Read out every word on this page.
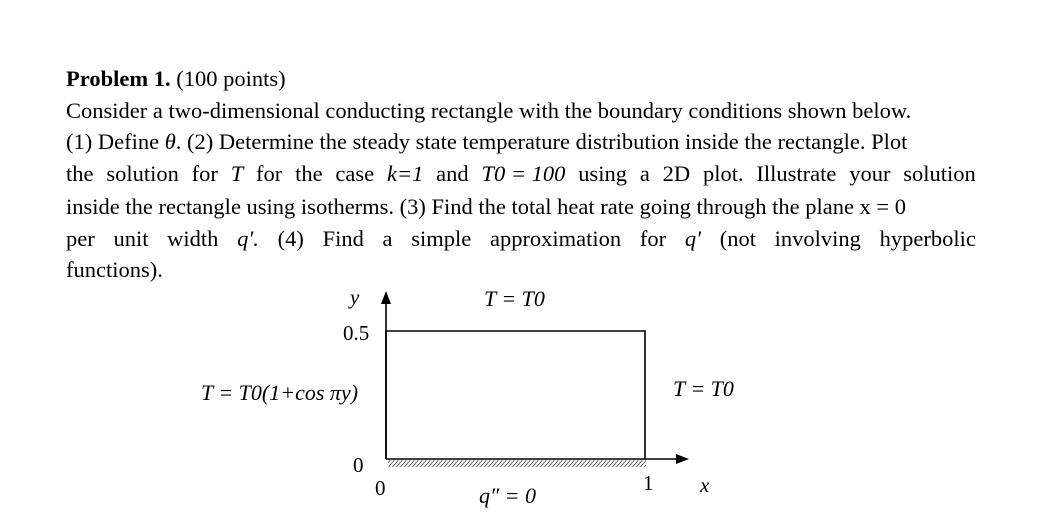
Problem 1. (100 points)
Consider a two-dimensional conducting rectangle with the boundary conditions shown below.
(1) Define θ. (2) Determine the steady state temperature distribution inside the rectangle. Plot
the solution for T for the case k=1 and T0 = 100 using a 2D plot. Illustrate your solution
inside the rectangle using isotherms. (3) Find the total heat rate going through the plane x = 0
per unit width q′. (4) Find a simple approximation for q′ (not involving hyperbolic
functions).
y
0.5
0
0	1 x
T = T0
T = T0(1+cos πy)	T = T0
q″ = 0
